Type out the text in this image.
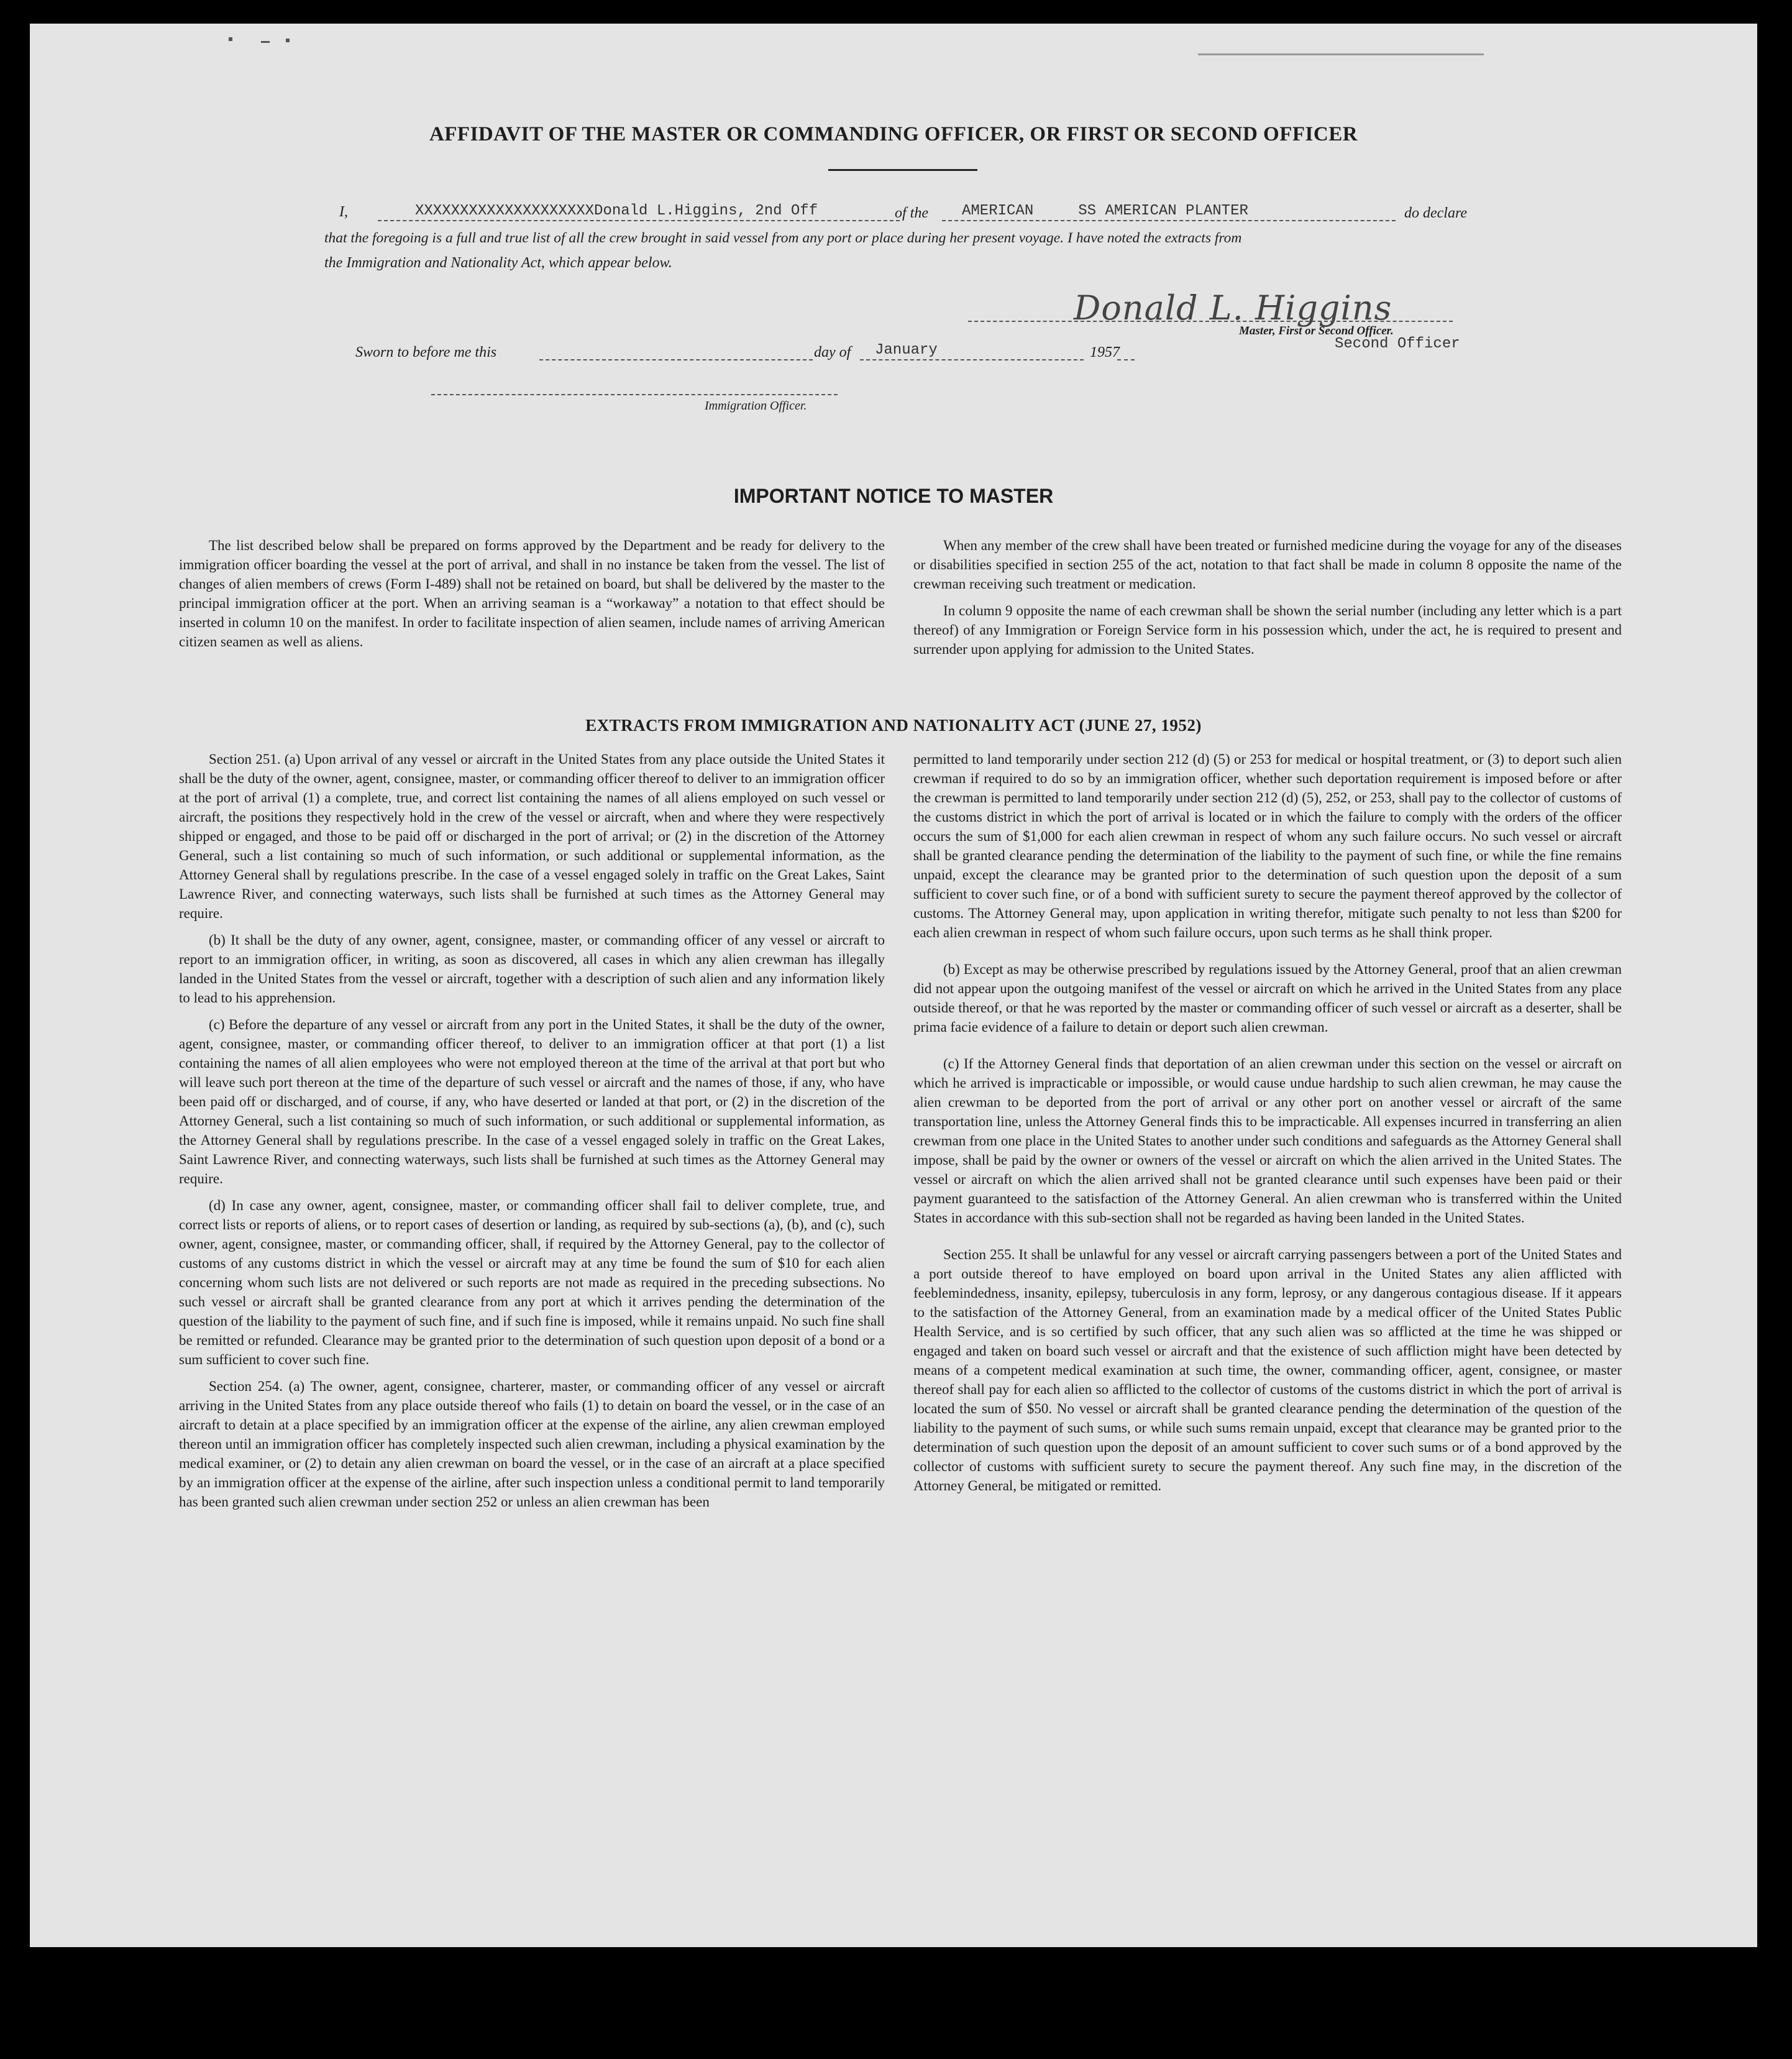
AFFIDAVIT OF THE MASTER OR COMMANDING OFFICER, OR FIRST OR SECOND OFFICER
I,	XXXXXXXXXXXXXXXXXXXXDonald L.Higgins, 2nd Off	of the AMERICAN     SS AMERICAN PLANTER	do declare
that the foregoing is a full and true list of all the crew brought in said vessel from any port or place during her present voyage. I have noted the extracts from
the Immigration and Nationality Act, which appear below.
Donald L. Higgins
Master, First or Second Officer.
Second Officer
Sworn to before me this	day of January	1957
Immigration Officer.
IMPORTANT NOTICE TO MASTER

The list described below shall be prepared on forms approved by the Department and be ready for delivery to the immigration officer boarding the vessel at the port of arrival, and shall in no instance be taken from the vessel. The list of changes of alien members of crews (Form I-489) shall not be retained on board, but shall be delivered by the master to the principal immigration officer at the port. When an arriving seaman is a “workaway” a notation to that effect should be inserted in column 10 on the manifest. In order to facilitate inspection of alien seamen, include names of arriving American citizen seamen as well as aliens.

When any member of the crew shall have been treated or furnished medicine during the voyage for any of the diseases or disabilities specified in section 255 of the act, notation to that fact shall be made in column 8 opposite the name of the crewman receiving such treatment or medication.

In column 9 opposite the name of each crewman shall be shown the serial number (including any letter which is a part thereof) of any Immigration or Foreign Service form in his possession which, under the act, he is required to present and surrender upon applying for admission to the United States.

EXTRACTS FROM IMMIGRATION AND NATIONALITY ACT (JUNE 27, 1952)

Section 251. (a) Upon arrival of any vessel or aircraft in the United States from any place outside the United States it shall be the duty of the owner, agent, consignee, master, or commanding officer thereof to deliver to an immigration officer at the port of arrival (1) a complete, true, and correct list containing the names of all aliens employed on such vessel or aircraft, the positions they respectively hold in the crew of the vessel or aircraft, when and where they were respectively shipped or engaged, and those to be paid off or discharged in the port of arrival; or (2) in the discretion of the Attorney General, such a list containing so much of such information, or such additional or supplemental information, as the Attorney General shall by regulations prescribe. In the case of a vessel engaged solely in traffic on the Great Lakes, Saint Lawrence River, and connecting waterways, such lists shall be furnished at such times as the Attorney General may require.

(b) It shall be the duty of any owner, agent, consignee, master, or commanding officer of any vessel or aircraft to report to an immigration officer, in writing, as soon as discovered, all cases in which any alien crewman has illegally landed in the United States from the vessel or aircraft, together with a description of such alien and any information likely to lead to his apprehension.

(c) Before the departure of any vessel or aircraft from any port in the United States, it shall be the duty of the owner, agent, consignee, master, or commanding officer thereof, to deliver to an immigration officer at that port (1) a list containing the names of all alien employees who were not employed thereon at the time of the arrival at that port but who will leave such port thereon at the time of the departure of such vessel or aircraft and the names of those, if any, who have been paid off or discharged, and of course, if any, who have deserted or landed at that port, or (2) in the discretion of the Attorney General, such a list containing so much of such information, or such additional or supplemental information, as the Attorney General shall by regulations prescribe. In the case of a vessel engaged solely in traffic on the Great Lakes, Saint Lawrence River, and connecting waterways, such lists shall be furnished at such times as the Attorney General may require.

(d) In case any owner, agent, consignee, master, or commanding officer shall fail to deliver complete, true, and correct lists or reports of aliens, or to report cases of desertion or landing, as required by sub-sections (a), (b), and (c), such owner, agent, consignee, master, or commanding officer, shall, if required by the Attorney General, pay to the collector of customs of any customs district in which the vessel or aircraft may at any time be found the sum of $10 for each alien concerning whom such lists are not delivered or such reports are not made as required in the preceding subsections. No such vessel or aircraft shall be granted clearance from any port at which it arrives pending the determination of the question of the liability to the payment of such fine, and if such fine is imposed, while it remains unpaid. No such fine shall be remitted or refunded. Clearance may be granted prior to the determination of such question upon deposit of a bond or a sum sufficient to cover such fine.

Section 254. (a) The owner, agent, consignee, charterer, master, or commanding officer of any vessel or aircraft arriving in the United States from any place outside thereof who fails (1) to detain on board the vessel, or in the case of an aircraft to detain at a place specified by an immigration officer at the expense of the airline, any alien crewman employed thereon until an immigration officer has completely inspected such alien crewman, including a physical examination by the medical examiner, or (2) to detain any alien crewman on board the vessel, or in the case of an aircraft at a place specified by an immigration officer at the expense of the airline, after such inspection unless a conditional permit to land temporarily has been granted such alien crewman under section 252 or unless an alien crewman has been

permitted to land temporarily under section 212 (d) (5) or 253 for medical or hospital treatment, or (3) to deport such alien crewman if required to do so by an immigration officer, whether such deportation requirement is imposed before or after the crewman is permitted to land temporarily under section 212 (d) (5), 252, or 253, shall pay to the collector of customs of the customs district in which the port of arrival is located or in which the failure to comply with the orders of the officer occurs the sum of $1,000 for each alien crewman in respect of whom any such failure occurs. No such vessel or aircraft shall be granted clearance pending the determination of the liability to the payment of such fine, or while the fine remains unpaid, except the clearance may be granted prior to the determination of such question upon the deposit of a sum sufficient to cover such fine, or of a bond with sufficient surety to secure the payment thereof approved by the collector of customs. The Attorney General may, upon application in writing therefor, mitigate such penalty to not less than $200 for each alien crewman in respect of whom such failure occurs, upon such terms as he shall think proper.

(b) Except as may be otherwise prescribed by regulations issued by the Attorney General, proof that an alien crewman did not appear upon the outgoing manifest of the vessel or aircraft on which he arrived in the United States from any place outside thereof, or that he was reported by the master or commanding officer of such vessel or aircraft as a deserter, shall be prima facie evidence of a failure to detain or deport such alien crewman.

(c) If the Attorney General finds that deportation of an alien crewman under this section on the vessel or aircraft on which he arrived is impracticable or impossible, or would cause undue hardship to such alien crewman, he may cause the alien crewman to be deported from the port of arrival or any other port on another vessel or aircraft of the same transportation line, unless the Attorney General finds this to be impracticable. All expenses incurred in transferring an alien crewman from one place in the United States to another under such conditions and safeguards as the Attorney General shall impose, shall be paid by the owner or owners of the vessel or aircraft on which the alien arrived in the United States. The vessel or aircraft on which the alien arrived shall not be granted clearance until such expenses have been paid or their payment guaranteed to the satisfaction of the Attorney General. An alien crewman who is transferred within the United States in accordance with this sub-section shall not be regarded as having been landed in the United States.

Section 255. It shall be unlawful for any vessel or aircraft carrying passengers between a port of the United States and a port outside thereof to have employed on board upon arrival in the United States any alien afflicted with feeblemindedness, insanity, epilepsy, tuberculosis in any form, leprosy, or any dangerous contagious disease. If it appears to the satisfaction of the Attorney General, from an examination made by a medical officer of the United States Public Health Service, and is so certified by such officer, that any such alien was so afflicted at the time he was shipped or engaged and taken on board such vessel or aircraft and that the existence of such affliction might have been detected by means of a competent medical examination at such time, the owner, commanding officer, agent, consignee, or master thereof shall pay for each alien so afflicted to the collector of customs of the customs district in which the port of arrival is located the sum of $50. No vessel or aircraft shall be granted clearance pending the determination of the question of the liability to the payment of such sums, or while such sums remain unpaid, except that clearance may be granted prior to the determination of such question upon the deposit of an amount sufficient to cover such sums or of a bond approved by the collector of customs with sufficient surety to secure the payment thereof. Any such fine may, in the discretion of the Attorney General, be mitigated or remitted.
